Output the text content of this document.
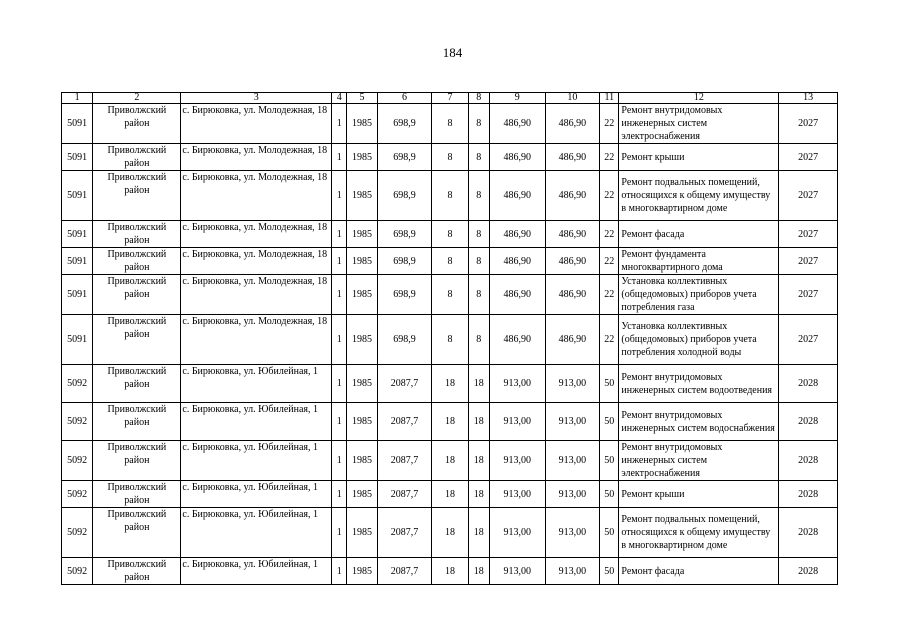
184
1	2	3	4	5	6	7	8	9	10	11	12	13
5091	Приволжский район	с. Бирюковка, ул. Молодежная, 18	1	1985	698,9	8	8	486,90	486,90	22	Ремонт внутридомовых инженерных систем электроснабжения	2027
5091	Приволжский район	с. Бирюковка, ул. Молодежная, 18	1	1985	698,9	8	8	486,90	486,90	22	Ремонт крыши	2027
5091	Приволжский район	с. Бирюковка, ул. Молодежная, 18	1	1985	698,9	8	8	486,90	486,90	22	Ремонт подвальных помещений, относящихся к общему имуществу в многоквартирном доме	2027
5091	Приволжский район	с. Бирюковка, ул. Молодежная, 18	1	1985	698,9	8	8	486,90	486,90	22	Ремонт фасада	2027
5091	Приволжский район	с. Бирюковка, ул. Молодежная, 18	1	1985	698,9	8	8	486,90	486,90	22	Ремонт фундамента многоквартирного дома	2027
5091	Приволжский район	с. Бирюковка, ул. Молодежная, 18	1	1985	698,9	8	8	486,90	486,90	22	Установка коллективных (общедомовых) приборов учета потребления газа	2027
5091	Приволжский район	с. Бирюковка, ул. Молодежная, 18	1	1985	698,9	8	8	486,90	486,90	22	Установка коллективных (общедомовых) приборов учета потребления холодной воды	2027
5092	Приволжский район	с. Бирюковка, ул. Юбилейная, 1	1	1985	2087,7	18	18	913,00	913,00	50	Ремонт внутридомовых инженерных систем водоотведения	2028
5092	Приволжский район	с. Бирюковка, ул. Юбилейная, 1	1	1985	2087,7	18	18	913,00	913,00	50	Ремонт внутридомовых инженерных систем водоснабжения	2028
5092	Приволжский район	с. Бирюковка, ул. Юбилейная, 1	1	1985	2087,7	18	18	913,00	913,00	50	Ремонт внутридомовых инженерных систем электроснабжения	2028
5092	Приволжский район	с. Бирюковка, ул. Юбилейная, 1	1	1985	2087,7	18	18	913,00	913,00	50	Ремонт крыши	2028
5092	Приволжский район	с. Бирюковка, ул. Юбилейная, 1	1	1985	2087,7	18	18	913,00	913,00	50	Ремонт подвальных помещений, относящихся к общему имуществу в многоквартирном доме	2028
5092	Приволжский район	с. Бирюковка, ул. Юбилейная, 1	1	1985	2087,7	18	18	913,00	913,00	50	Ремонт фасада	2028
